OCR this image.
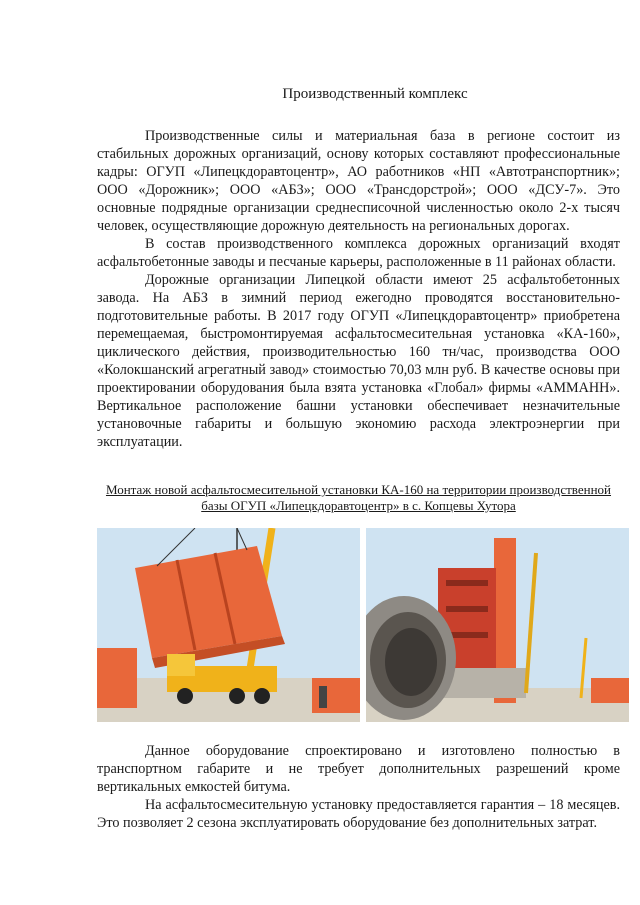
Производственный комплекс

Производственные силы и материальная база в регионе состоит из стабильных дорожных организаций, основу которых составляют профессиональные кадры: ОГУП «Липецкдоравтоцентр», АО работников «НП «Автотранспортник»; ООО «Дорожник»; ООО «АБЗ»; ООО «Трансдорстрой»; ООО «ДСУ-7». Это основные подрядные организации среднесписочной численностью около 2-х тысяч человек, осуществляющие дорожную деятельность на региональных дорогах.

В состав производственного комплекса дорожных организаций входят асфальтобетонные заводы и песчаные карьеры, расположенные в 11 районах области.

Дорожные организации Липецкой области имеют 25 асфальтобетонных завода. На АБЗ в зимний период ежегодно проводятся восстановительно-подготовительные работы. В 2017 году ОГУП «Липецкдоравтоцентр» приобретена перемещаемая, быстромонтируемая асфальтосмесительная установка «КА-160», циклического действия, производительностью 160 тн/час, производства ООО «Колокшанский агрегатный завод» стоимостью 70,03 млн руб. В качестве основы при проектировании оборудования была взята установка «Глобал» фирмы «АММАНН». Вертикальное расположение башни установки обеспечивает незначительные установочные габариты и большую экономию расхода электроэнергии при эксплуатации.

Монтаж новой асфальтосмесительной установки КА-160 на территории производственной базы ОГУП «Липецкдоравтоцентр» в с. Копцевы Хутора

Данное оборудование спроектировано и изготовлено полностью в транспортном габарите и не требует дополнительных разрешений кроме вертикальных емкостей битума.

На асфальтосмесительную установку предоставляется гарантия – 18 месяцев. Это позволяет 2 сезона эксплуатировать оборудование без дополнительных затрат.
